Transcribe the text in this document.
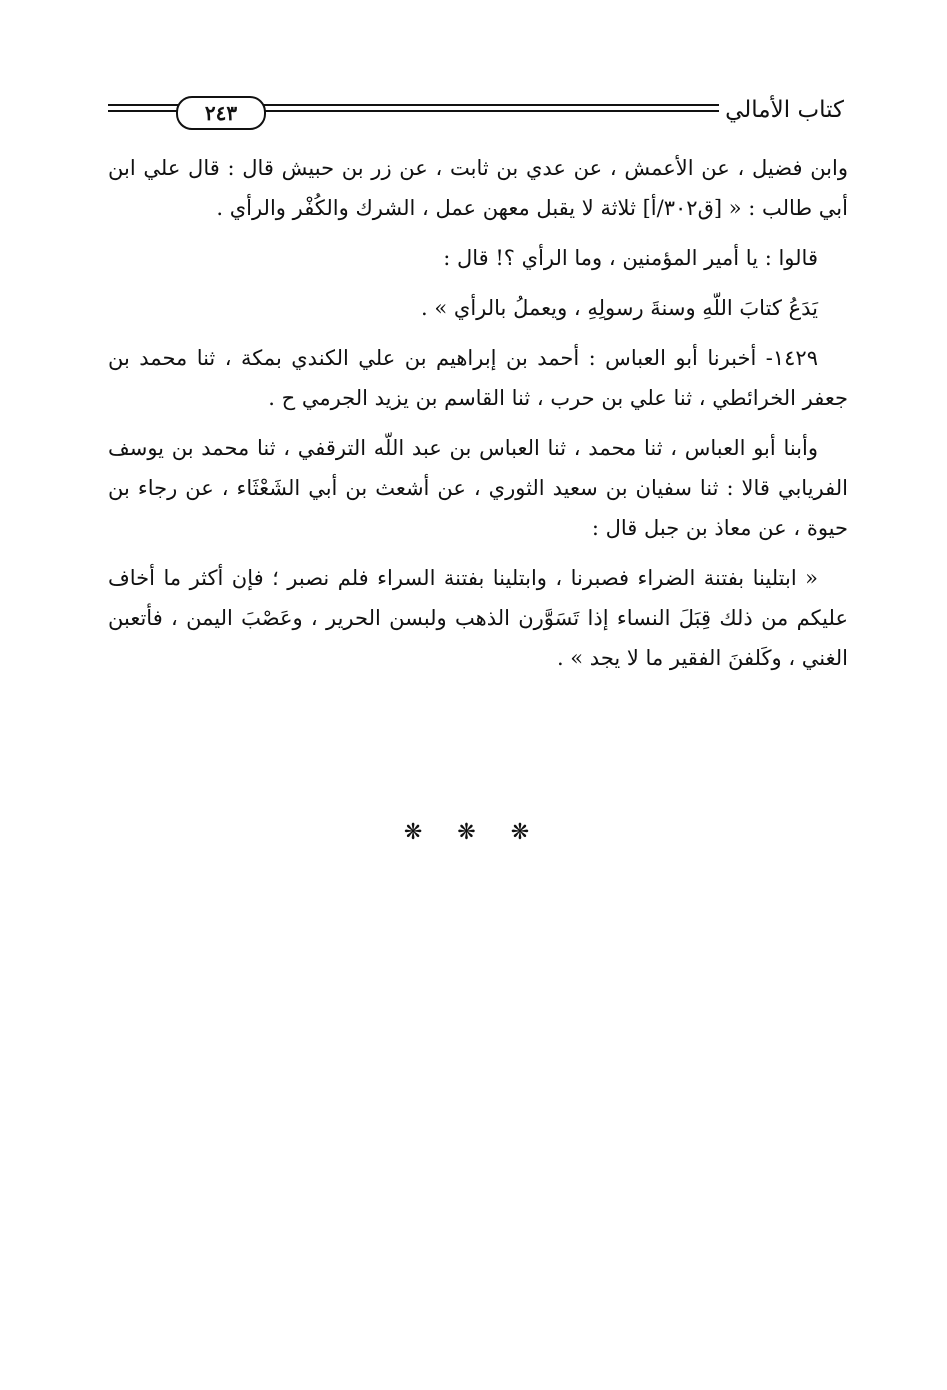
كتاب الأمالي
٢٤٣

وابن فضيل ، عن الأعمش ، عن عدي بن ثابت ، عن زر بن حبيش قال : قال علي ابن أبي طالب : « [ق٣٠٢/أ] ثلاثة لا يقبل معهن عمل ، الشرك والكُفْر والرأي .

قالوا : يا أمير المؤمنين ، وما الرأي ؟! قال :

يَدَعُ كتابَ اللّهِ وسنةَ رسولِهِ ، ويعملُ بالرأي » .

١٤٢٩- أخبرنا أبو العباس : أحمد بن إبراهيم بن علي الكندي بمكة ، ثنا محمد بن جعفر الخرائطي ، ثنا علي بن حرب ، ثنا القاسم بن يزيد الجرمي ح .

وأبنا أبو العباس ، ثنا محمد ، ثنا العباس بن عبد اللّه الترقفي ، ثنا محمد بن يوسف الفريابي قالا : ثنا سفيان بن سعيد الثوري ، عن أشعث بن أبي الشَعْثَاء ، عن رجاء بن حيوة ، عن معاذ بن جبل قال :

« ابتلينا بفتنة الضراء فصبرنا ، وابتلينا بفتنة السراء فلم نصبر ؛ فإن أكثر ما أخاف عليكم من ذلك قِبَلَ النساء إذا تَسَوَّرن الذهب ولبسن الحرير ، وعَصْبَ اليمن ، فأتعبن الغني ، وكَلفنَ الفقير ما لا يجد » .

❋ ❋ ❋
